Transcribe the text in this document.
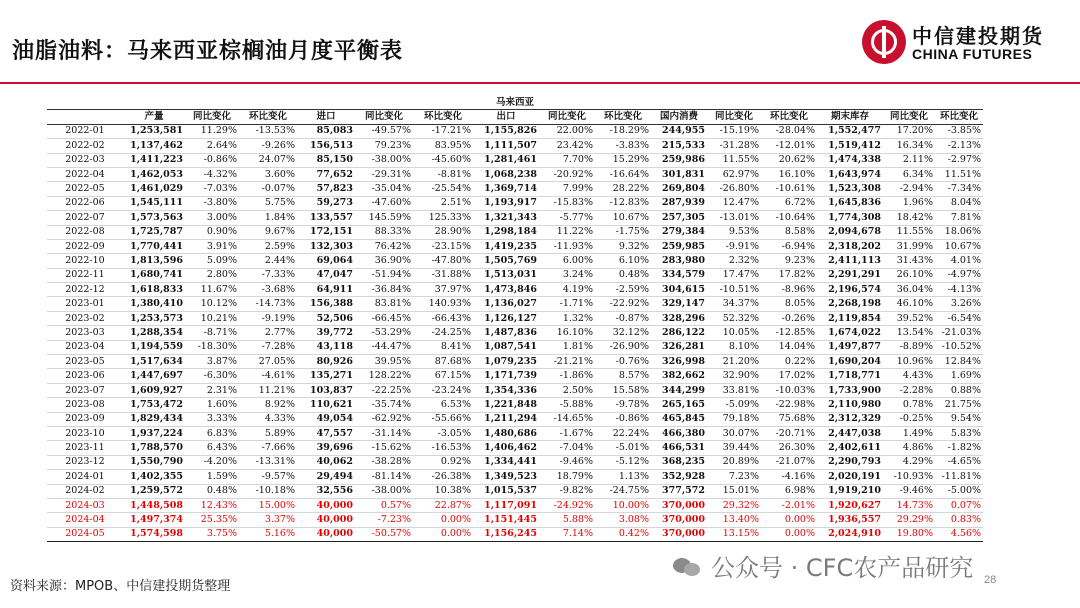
油脂油料：马来西亚棕榈油月度平衡表
中信建投期货
CHINA FUTURES
马来西亚															
	产量	同比变化	环比变化	进口	同比变化	环比变化	出口	同比变化	环比变化	国内消费	同比变化	环比变化	期末库存	同比变化	环比变化
2022-01	1,253,581	11.29%	-13.53%	85,083	-49.57%	-17.21%	1,155,826	22.00%	-18.29%	244,955	-15.19%	-28.04%	1,552,477	17.20%	-3.85%
2022-02	1,137,462	2.64%	-9.26%	156,513	79.23%	83.95%	1,111,507	23.42%	-3.83%	215,533	-31.28%	-12.01%	1,519,412	16.34%	-2.13%
2022-03	1,411,223	-0.86%	24.07%	85,150	-38.00%	-45.60%	1,281,461	7.70%	15.29%	259,986	11.55%	20.62%	1,474,338	2.11%	-2.97%
2022-04	1,462,053	-4.32%	3.60%	77,652	-29.31%	-8.81%	1,068,238	-20.92%	-16.64%	301,831	62.97%	16.10%	1,643,974	6.34%	11.51%
2022-05	1,461,029	-7.03%	-0.07%	57,823	-35.04%	-25.54%	1,369,714	7.99%	28.22%	269,804	-26.80%	-10.61%	1,523,308	-2.94%	-7.34%
2022-06	1,545,111	-3.80%	5.75%	59,273	-47.60%	2.51%	1,193,917	-15.83%	-12.83%	287,939	12.47%	6.72%	1,645,836	1.96%	8.04%
2022-07	1,573,563	3.00%	1.84%	133,557	145.59%	125.33%	1,321,343	-5.77%	10.67%	257,305	-13.01%	-10.64%	1,774,308	18.42%	7.81%
2022-08	1,725,787	0.90%	9.67%	172,151	88.33%	28.90%	1,298,184	11.22%	-1.75%	279,384	9.53%	8.58%	2,094,678	11.55%	18.06%
2022-09	1,770,441	3.91%	2.59%	132,303	76.42%	-23.15%	1,419,235	-11.93%	9.32%	259,985	-9.91%	-6.94%	2,318,202	31.99%	10.67%
2022-10	1,813,596	5.09%	2.44%	69,064	36.90%	-47.80%	1,505,769	6.00%	6.10%	283,980	2.32%	9.23%	2,411,113	31.43%	4.01%
2022-11	1,680,741	2.80%	-7.33%	47,047	-51.94%	-31.88%	1,513,031	3.24%	0.48%	334,579	17.47%	17.82%	2,291,291	26.10%	-4.97%
2022-12	1,618,833	11.67%	-3.68%	64,911	-36.84%	37.97%	1,473,846	4.19%	-2.59%	304,615	-10.51%	-8.96%	2,196,574	36.04%	-4.13%
2023-01	1,380,410	10.12%	-14.73%	156,388	83.81%	140.93%	1,136,027	-1.71%	-22.92%	329,147	34.37%	8.05%	2,268,198	46.10%	3.26%
2023-02	1,253,573	10.21%	-9.19%	52,506	-66.45%	-66.43%	1,126,127	1.32%	-0.87%	328,296	52.32%	-0.26%	2,119,854	39.52%	-6.54%
2023-03	1,288,354	-8.71%	2.77%	39,772	-53.29%	-24.25%	1,487,836	16.10%	32.12%	286,122	10.05%	-12.85%	1,674,022	13.54%	-21.03%
2023-04	1,194,559	-18.30%	-7.28%	43,118	-44.47%	8.41%	1,087,541	1.81%	-26.90%	326,281	8.10%	14.04%	1,497,877	-8.89%	-10.52%
2023-05	1,517,634	3.87%	27.05%	80,926	39.95%	87.68%	1,079,235	-21.21%	-0.76%	326,998	21.20%	0.22%	1,690,204	10.96%	12.84%
2023-06	1,447,697	-6.30%	-4.61%	135,271	128.22%	67.15%	1,171,739	-1.86%	8.57%	382,662	32.90%	17.02%	1,718,771	4.43%	1.69%
2023-07	1,609,927	2.31%	11.21%	103,837	-22.25%	-23.24%	1,354,336	2.50%	15.58%	344,299	33.81%	-10.03%	1,733,900	-2.28%	0.88%
2023-08	1,753,472	1.60%	8.92%	110,621	-35.74%	6.53%	1,221,848	-5.88%	-9.78%	265,165	-5.09%	-22.98%	2,110,980	0.78%	21.75%
2023-09	1,829,434	3.33%	4.33%	49,054	-62.92%	-55.66%	1,211,294	-14.65%	-0.86%	465,845	79.18%	75.68%	2,312,329	-0.25%	9.54%
2023-10	1,937,224	6.83%	5.89%	47,557	-31.14%	-3.05%	1,480,686	-1.67%	22.24%	466,380	30.07%	-20.71%	2,447,038	1.49%	5.83%
2023-11	1,788,570	6.43%	-7.66%	39,696	-15.62%	-16.53%	1,406,462	-7.04%	-5.01%	466,531	39.44%	26.30%	2,402,611	4.86%	-1.82%
2023-12	1,550,790	-4.20%	-13.31%	40,062	-38.28%	0.92%	1,334,441	-9.46%	-5.12%	368,235	20.89%	-21.07%	2,290,793	4.29%	-4.65%
2024-01	1,402,355	1.59%	-9.57%	29,494	-81.14%	-26.38%	1,349,523	18.79%	1.13%	352,928	7.23%	-4.16%	2,020,191	-10.93%	-11.81%
2024-02	1,259,572	0.48%	-10.18%	32,556	-38.00%	10.38%	1,015,537	-9.82%	-24.75%	377,572	15.01%	6.98%	1,919,210	-9.46%	-5.00%
2024-03	1,448,508	12.43%	15.00%	40,000	0.57%	22.87%	1,117,091	-24.92%	10.00%	370,000	29.32%	-2.01%	1,920,627	14.73%	0.07%
2024-04	1,497,374	25.35%	3.37%	40,000	-7.23%	0.00%	1,151,445	5.88%	3.08%	370,000	13.40%	0.00%	1,936,557	29.29%	0.83%
2024-05	1,574,598	3.75%	5.16%	40,000	-50.57%	0.00%	1,156,245	7.14%	0.42%	370,000	13.15%	0.00%	2,024,910	19.80%	4.56%
资料来源：MPOB、中信建投期货整理
公众号 · CFC农产品研究 28
